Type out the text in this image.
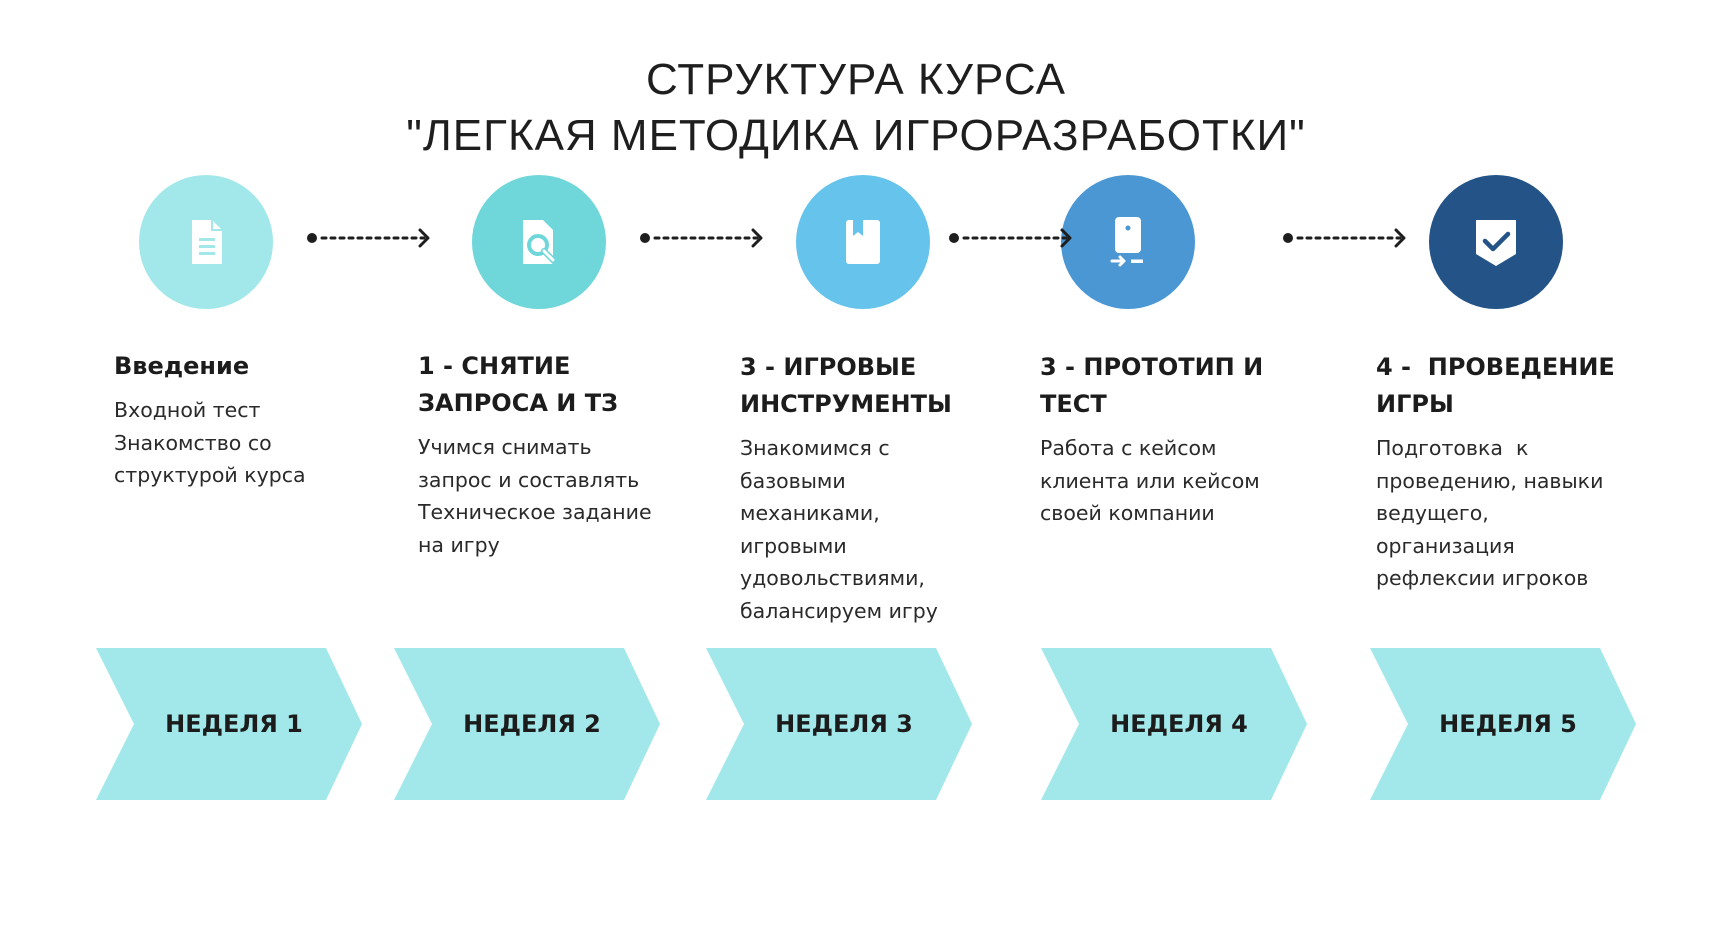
СТРУКТУРА КУРСА
"ЛЕГКАЯ МЕТОДИКА ИГРОРАЗРАБОТКИ"
Введение
Входной тест
Знакомство со
структурой курса
1 - СНЯТИЕ
ЗАПРОСА И ТЗ
Учимся снимать
запрос и составлять
Техническое задание
на игру
3 - ИГРОВЫЕ
ИНСТРУМЕНТЫ
Знакомимся с
базовыми
механиками,
игровыми
удовольствиями,
балансируем игру
3 - ПРОТОТИП И
ТЕСТ
Работа с кейсом
клиента или кейсом
своей компании
4 -  ПРОВЕДЕНИЕ
ИГРЫ
Подготовка  к
проведению, навыки
ведущего,
организация
рефлексии игроков
НЕДЕЛЯ 1	НЕДЕЛЯ 2	НЕДЕЛЯ 3	НЕДЕЛЯ 4	НЕДЕЛЯ 5
